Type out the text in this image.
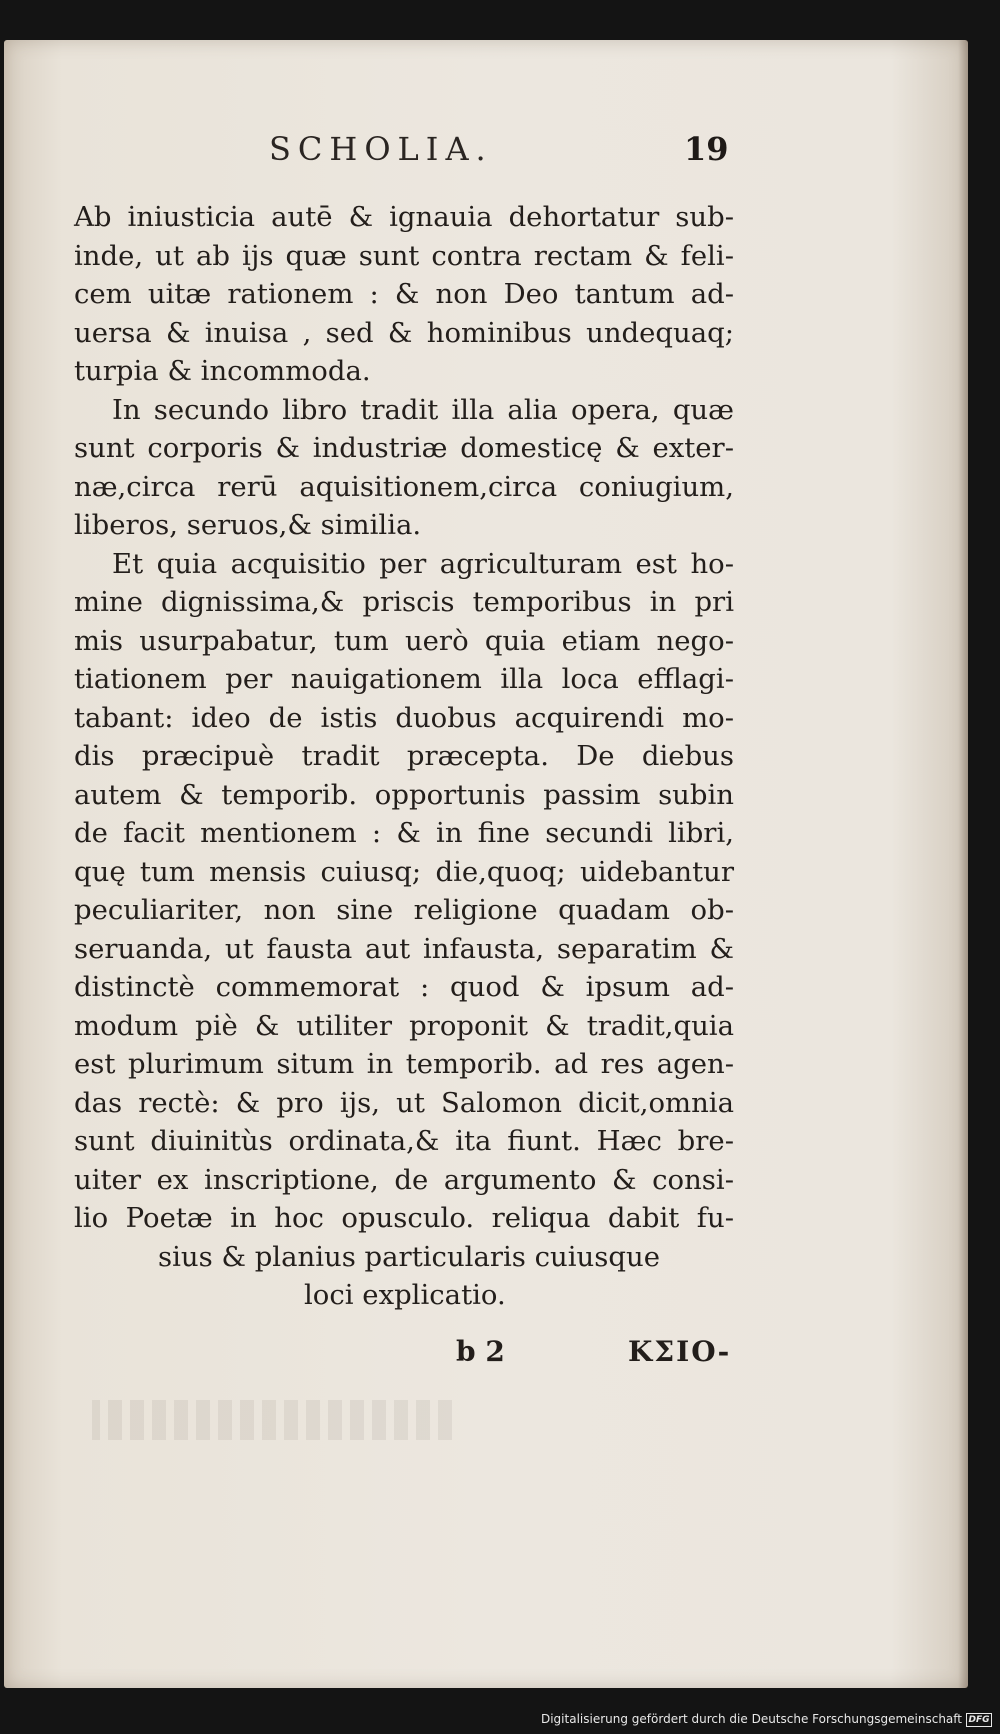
SCHOLIA.	19
Ab iniusticia autē & ignauia dehortatur sub-
inde, ut ab ijs quæ sunt contra rectam & feli-
cem uitæ rationem : & non Deo tantum ad-
uersa & inuisa , sed & hominibus undequaq;
turpia & incommoda.
In secundo libro tradit illa alia opera, quæ
sunt corporis & industriæ domesticę & exter-
næ,circa rerū aquisitionem,circa coniugium,
liberos, seruos,& similia.
Et quia acquisitio per agriculturam est ho-
mine dignissima,& priscis temporibus in pri
mis usurpabatur, tum uerò quia etiam nego-
tiationem per nauigationem illa loca efflagi-
tabant: ideo de istis duobus acquirendi mo-
dis præcipuè tradit præcepta. De diebus
autem & temporib. opportunis passim subin
de facit mentionem : & in fine secundi libri,
quę tum mensis cuiusq; die,quoq; uidebantur
peculiariter, non sine religione quadam ob-
seruanda, ut fausta aut infausta, separatim &
distinctè commemorat : quod & ipsum ad-
modum piè & utiliter proponit & tradit,quia
est plurimum situm in temporib. ad res agen-
das rectè: & pro ijs, ut Salomon dicit,omnia
sunt diuinitùs ordinata,& ita fiunt. Hæc bre-
uiter ex inscriptione, de argumento & consi-
lio Poetæ in hoc opusculo. reliqua dabit fu-
sius & planius particularis cuiusque
loci explicatio.
b 2	ΚΣΙΟ-
Digitalisierung gefördert durch die Deutsche Forschungsgemeinschaft DFG
